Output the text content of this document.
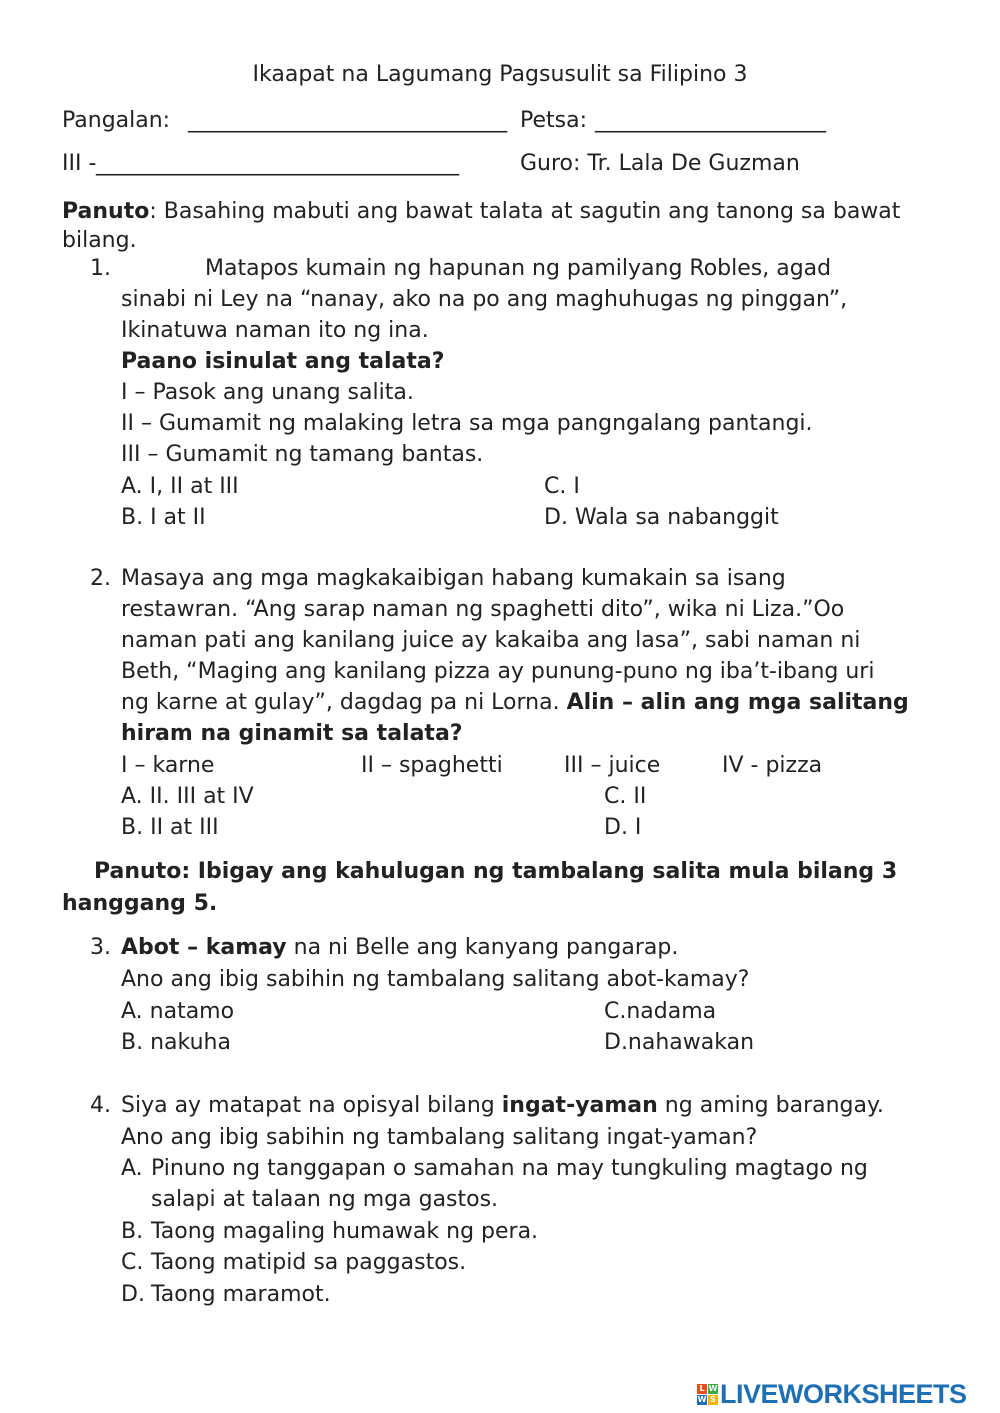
Ikaapat na Lagumang Pagsusulit sa Filipino 3
Pangalan: _____________________________ Petsa: _____________________
III - _________________________________	Guro: Tr. Lala De Guzman
Panuto: Basahing mabuti ang bawat talata at sagutin ang tanong sa bawat
bilang.
1.	Matapos kumain ng hapunan ng pamilyang Robles, agad
sinabi ni Ley na “nanay, ako na po ang maghuhugas ng pinggan”,
Ikinatuwa naman ito ng ina.
Paano isinulat ang talata?
I – Pasok ang unang salita.
II – Gumamit ng malaking letra sa mga pangngalang pantangi.
III – Gumamit ng tamang bantas.
A. I, II at III
B. I at II
C. I
D. Wala sa nabanggit
2. Masaya ang mga magkakaibigan habang kumakain sa isang
restawran. “Ang sarap naman ng spaghetti dito”, wika ni Liza.”Oo
naman pati ang kanilang juice ay kakaiba ang lasa”, sabi naman ni
Beth, “Maging ang kanilang pizza ay punung-puno ng iba’t-ibang uri
ng karne at gulay”, dagdag pa ni Lorna. Alin – alin ang mga salitang
hiram na ginamit sa talata?
I – karne	II – spaghetti	III – juice	IV - pizza
A. II. III at IV
B. II at III
C. II
D. I
Panuto: Ibigay ang kahulugan ng tambalang salita mula bilang 3
hanggang 5.
3. Abot – kamay na ni Belle ang kanyang pangarap.
Ano ang ibig sabihin ng tambalang salitang abot-kamay?
A. natamo
B. nakuha
C.nadama
D.nahawakan
4. Siya ay matapat na opisyal bilang ingat-yaman ng aming barangay.
Ano ang ibig sabihin ng tambalang salitang ingat-yaman?
A. Pinuno ng tanggapan o samahan na may tungkuling magtago ng
salapi at talaan ng mga gastos.
B. Taong magaling humawak ng pera.
C. Taong matipid sa paggastos.
D. Taong maramot.
L W
W S LIVEWORKSHEETS
